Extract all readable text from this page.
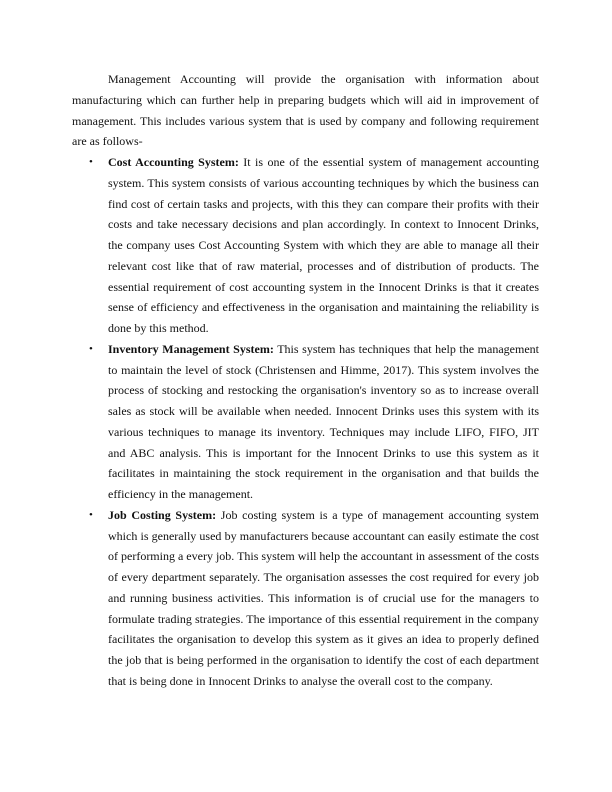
Management Accounting will provide the organisation with information about
manufacturing which can further help in preparing budgets which will aid in improvement of
management. This includes various system that is used by company and following requirement
are as follows-
• Cost Accounting System: It is one of the essential system of management accounting
system. This system consists of various accounting techniques by which the business can
find cost of certain tasks and projects, with this they can compare their profits with their
costs and take necessary decisions and plan accordingly. In context to Innocent Drinks,
the company uses Cost Accounting System with which they are able to manage all their
relevant cost like that of raw material, processes and of distribution of products. The
essential requirement of cost accounting system in the Innocent Drinks is that it creates
sense of efficiency and effectiveness in the organisation and maintaining the reliability is
done by this method.
• Inventory Management System: This system has techniques that help the management
to maintain the level of stock (Christensen and Himme, 2017). This system involves the
process of stocking and restocking the organisation's inventory so as to increase overall
sales as stock will be available when needed. Innocent Drinks uses this system with its
various techniques to manage its inventory. Techniques may include LIFO, FIFO, JIT
and ABC analysis. This is important for the Innocent Drinks to use this system as it
facilitates in maintaining the stock requirement in the organisation and that builds the
efficiency in the management.
• Job Costing System: Job costing system is a type of management accounting system
which is generally used by manufacturers because accountant can easily estimate the cost
of performing a every job. This system will help the accountant in assessment of the costs
of every department separately. The organisation assesses the cost required for every job
and running business activities. This information is of crucial use for the managers to
formulate trading strategies. The importance of this essential requirement in the company
facilitates the organisation to develop this system as it gives an idea to properly defined
the job that is being performed in the organisation to identify the cost of each department
that is being done in Innocent Drinks to analyse the overall cost to the company.
